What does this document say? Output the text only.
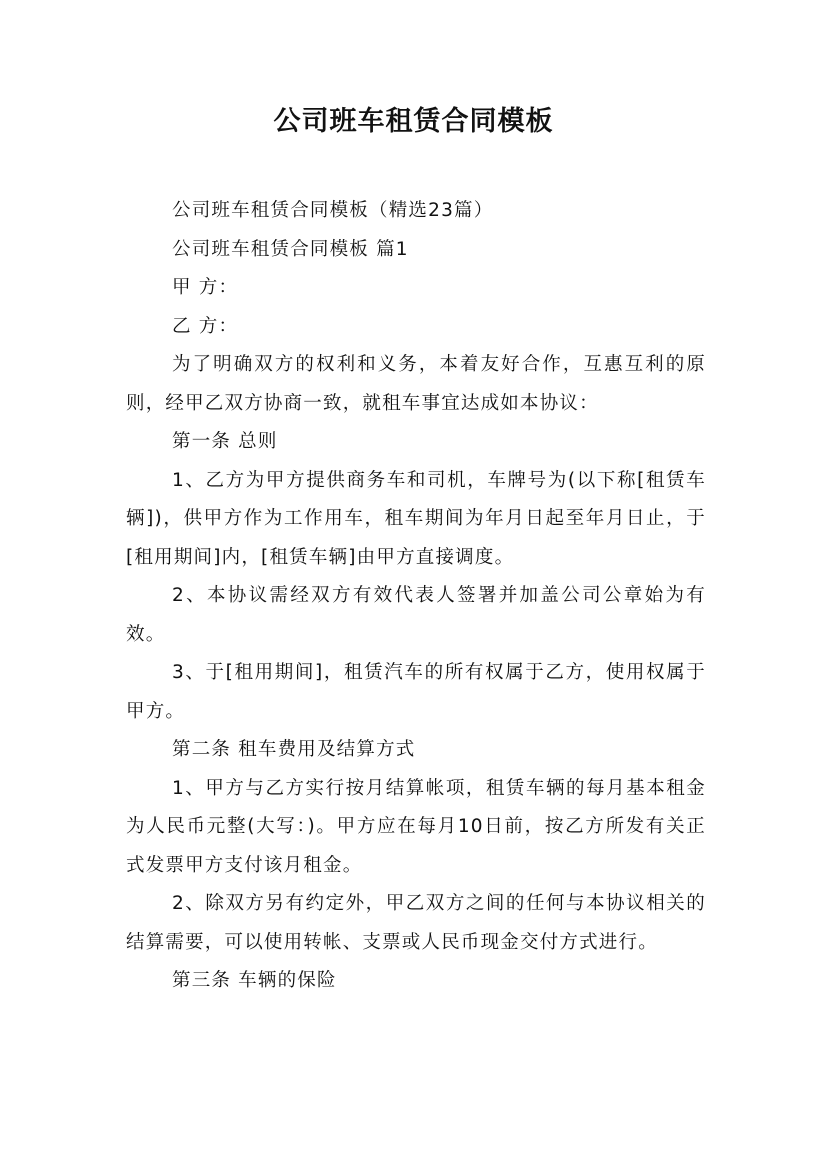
公司班车租赁合同模板

公司班车租赁合同模板（精选23篇）

公司班车租赁合同模板 篇1

甲 方：

乙 方：

为了明确双方的权利和义务，本着友好合作，互惠互利的原则，经甲乙双方协商一致，就租车事宜达成如本协议：

第一条 总则

1、乙方为甲方提供商务车和司机，车牌号为(以下称[租赁车辆])，供甲方作为工作用车，租车期间为年月日起至年月日止，于[租用期间]内，[租赁车辆]由甲方直接调度。

2、本协议需经双方有效代表人签署并加盖公司公章始为有效。

3、于[租用期间]，租赁汽车的所有权属于乙方，使用权属于甲方。

第二条 租车费用及结算方式

1、甲方与乙方实行按月结算帐项，租赁车辆的每月基本租金为人民币元整(大写：)。甲方应在每月10日前，按乙方所发有关正式发票甲方支付该月租金。

2、除双方另有约定外，甲乙双方之间的任何与本协议相关的结算需要，可以使用转帐、支票或人民币现金交付方式进行。

第三条 车辆的保险
